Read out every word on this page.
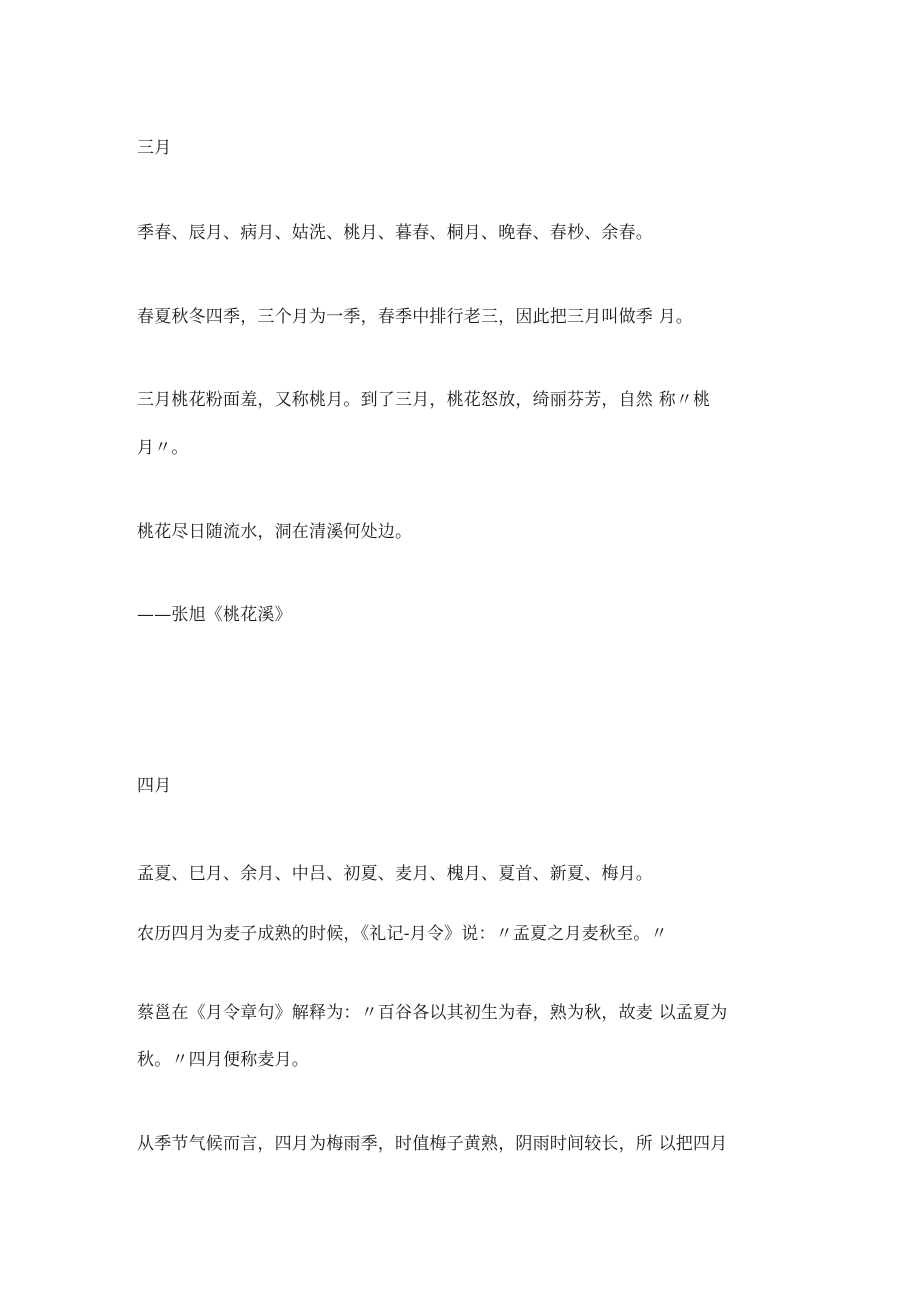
三月
季春、辰月、病月、姑洗、桃月、暮春、桐月、晚春、春杪、余春。
春夏秋冬四季，三个月为一季，春季中排行老三，因此把三月叫做季 月。
三月桃花粉面羞，又称桃月。到了三月，桃花怒放，绮丽芬芳，自然 称〃桃
月〃。
桃花尽日随流水，洞在清溪何处边。
——张旭《桃花溪》
四月
孟夏、巳月、余月、中吕、初夏、麦月、槐月、夏首、新夏、梅月。
农历四月为麦子成熟的时候，《礼记-月令》说：〃孟夏之月麦秋至。〃
蔡邕在《月令章句》解释为：〃百谷各以其初生为春，熟为秋，故麦 以孟夏为
秋。〃四月便称麦月。
从季节气候而言，四月为梅雨季，时值梅子黄熟，阴雨时间较长，所 以把四月
